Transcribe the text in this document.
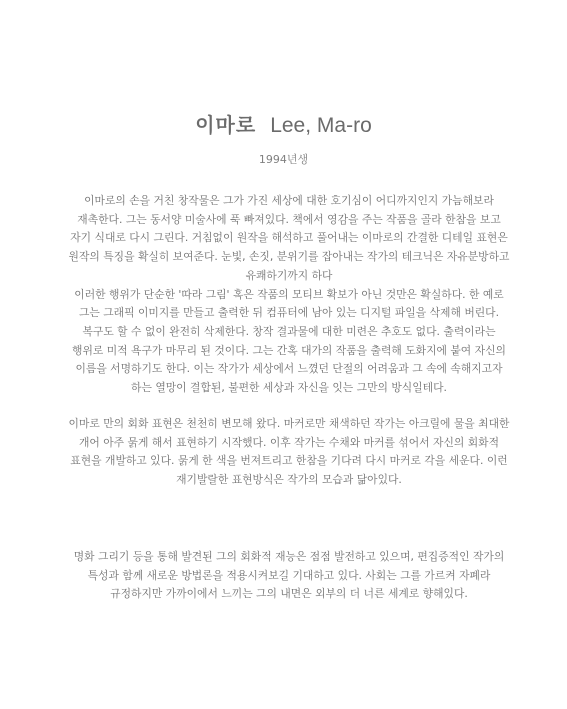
이마로 Lee, Ma-ro
1994년생
이마로의 손을 거친 창작물은 그가 가진 세상에 대한 호기심이 어디까지인지 가늠해보라
재촉한다. 그는 동서양 미술사에 푹 빠져있다. 책에서 영감을 주는 작품을 골라 한참을 보고
자기 식대로 다시 그린다. 거침없이 원작을 해석하고 풀어내는 이마로의 간결한 디테일 표현은
원작의 특징을 확실히 보여준다. 눈빛, 손짓, 분위기를 잡아내는 작가의 테크닉은 자유분방하고
유쾌하기까지 하다
이러한 행위가 단순한 '따라 그림' 혹은 작품의 모티브 확보가 아닌 것만은 확실하다. 한 예로
그는 그래픽 이미지를 만들고 출력한 뒤 컴퓨터에 남아 있는 디지털 파일을 삭제해 버린다.
복구도 할 수 없이 완전히 삭제한다. 창작 결과물에 대한 미련은 추호도 없다. 출력이라는
행위로 미적 욕구가 마무리 된 것이다. 그는 간혹 대가의 작품을 출력해 도화지에 붙여 자신의
이름을 서명하기도 한다. 이는 작가가 세상에서 느꼈던 단절의 어려움과 그 속에 속해지고자
하는 열망이 결합된, 불편한 세상과 자신을 잇는 그만의 방식일테다.
이마로 만의 회화 표현은 천천히 변모해 왔다. 마커로만 채색하던 작가는 아크릴에 물을 최대한
개어 아주 묽게 해서 표현하기 시작했다. 이후 작가는 수채와 마커를 섞어서 자신의 회화적
표현을 개발하고 있다. 묽게 한 색을 번져트리고 한참을 기다려 다시 마커로 각을 세운다. 이런
재기발랄한 표현방식은 작가의 모습과 닮아있다.
명화 그리기 등을 통해 발견된 그의 회화적 재능은 점점 발전하고 있으며, 편집증적인 작가의
특성과 함께 새로운 방법론을 적용시켜보길 기대하고 있다. 사회는 그를 가르켜 자폐라
규정하지만 가까이에서 느끼는 그의 내면은 외부의 더 너른 세계로 향해있다.
